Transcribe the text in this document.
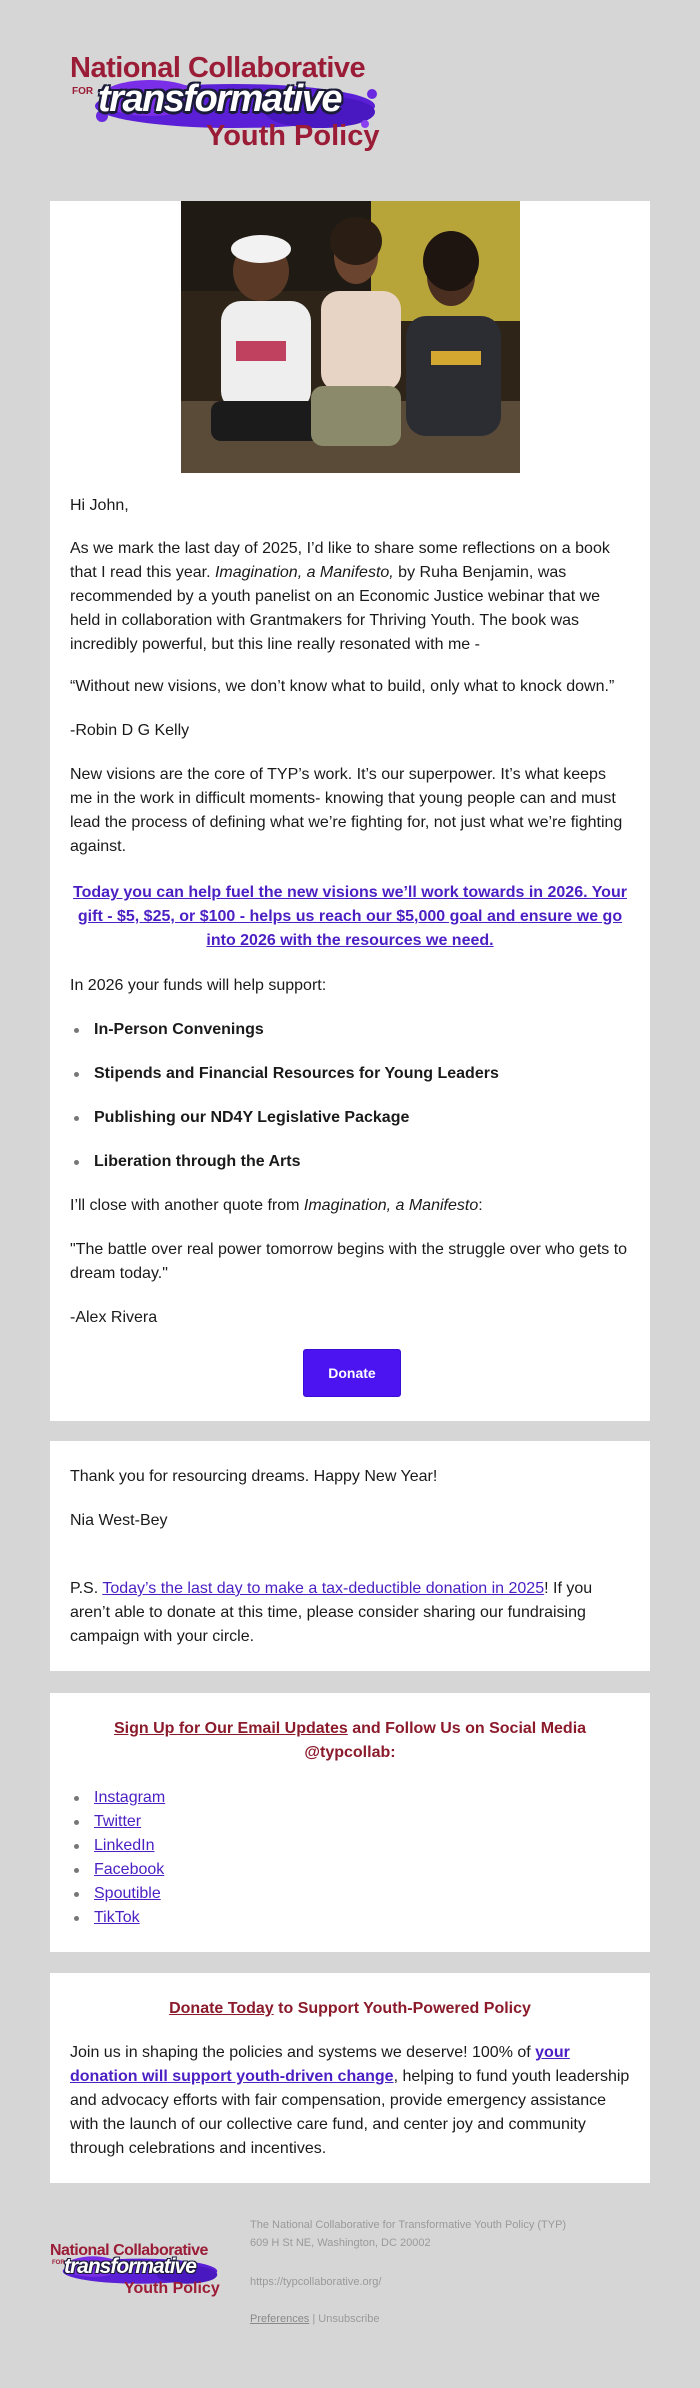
National Collaborative
FOR transformative
Youth Policy

Hi John,

As we mark the last day of 2025, I’d like to share some reflections on a book that I read this year. Imagination, a Manifesto, by Ruha Benjamin, was recommended by a youth panelist on an Economic Justice webinar that we held in collaboration with Grantmakers for Thriving Youth. The book was incredibly powerful, but this line really resonated with me -

“Without new visions, we don’t know what to build, only what to knock down.”

-Robin D G Kelly

New visions are the core of TYP’s work. It’s our superpower. It’s what keeps me in the work in difficult moments- knowing that young people can and must lead the process of defining what we’re fighting for, not just what we’re fighting against.

Today you can help fuel the new visions we’ll work towards in 2026. Your gift - $5, $25, or $100 - helps us reach our $5,000 goal and ensure we go into 2026 with the resources we need.

In 2026 your funds will help support:

In-Person Convenings
Stipends and Financial Resources for Young Leaders
Publishing our ND4Y Legislative Package
Liberation through the Arts

I’ll close with another quote from Imagination, a Manifesto:

"The battle over real power tomorrow begins with the struggle over who gets to dream today."

-Alex Rivera

Donate

Thank you for resourcing dreams. Happy New Year!

Nia West-Bey

P.S. Today’s the last day to make a tax-deductible donation in 2025! If you aren’t able to donate at this time, please consider sharing our fundraising campaign with your circle.

Sign Up for Our Email Updates and Follow Us on Social Media
@typcollab:

Instagram
Twitter
LinkedIn
Facebook
Spoutible
TikTok

Donate Today to Support Youth-Powered Policy

Join us in shaping the policies and systems we deserve! 100% of your donation will support youth-driven change, helping to fund youth leadership and advocacy efforts with fair compensation, provide emergency assistance with the launch of our collective care fund, and center joy and community through celebrations and incentives.

National Collaborative
FOR transformative
Youth Policy
The National Collaborative for Transformative Youth Policy (TYP)
609 H St NE, Washington, DC 20002
https://typcollaborative.org/
Preferences | Unsubscribe
